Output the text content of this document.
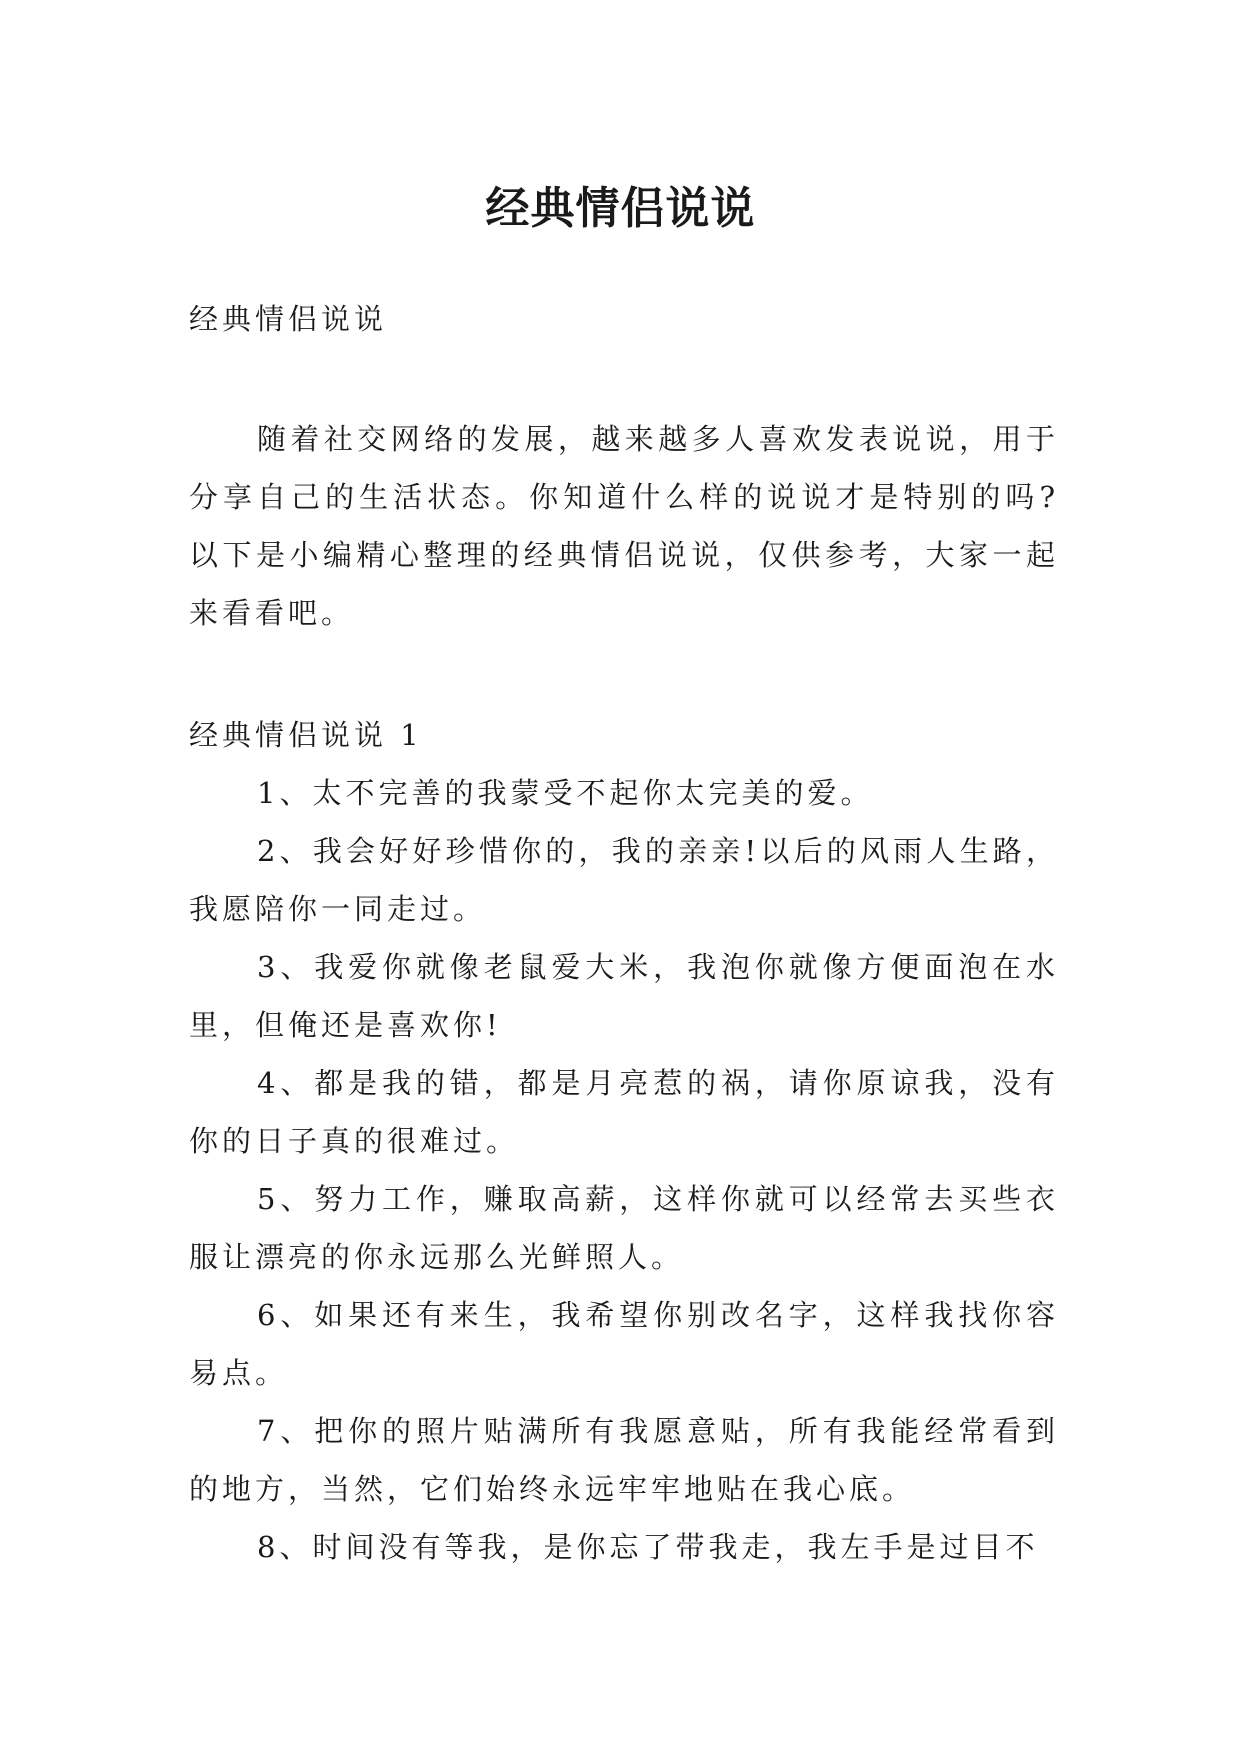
经典情侣说说

经典情侣说说

随着社交网络的发展，越来越多人喜欢发表说说，用于分享自己的生活状态。你知道什么样的说说才是特别的吗?以下是小编精心整理的经典情侣说说，仅供参考，大家一起来看看吧。

经典情侣说说 1

1、太不完善的我蒙受不起你太完美的爱。

2、我会好好珍惜你的，我的亲亲!以后的风雨人生路，我愿陪你一同走过。

3、我爱你就像老鼠爱大米，我泡你就像方便面泡在水里，但俺还是喜欢你!

4、都是我的错，都是月亮惹的祸，请你原谅我，没有你的日子真的很难过。

5、努力工作，赚取高薪，这样你就可以经常去买些衣服让漂亮的你永远那么光鲜照人。

6、如果还有来生，我希望你别改名字，这样我找你容易点。

7、把你的照片贴满所有我愿意贴，所有我能经常看到的地方，当然，它们始终永远牢牢地贴在我心底。

8、时间没有等我，是你忘了带我走，我左手是过目不
